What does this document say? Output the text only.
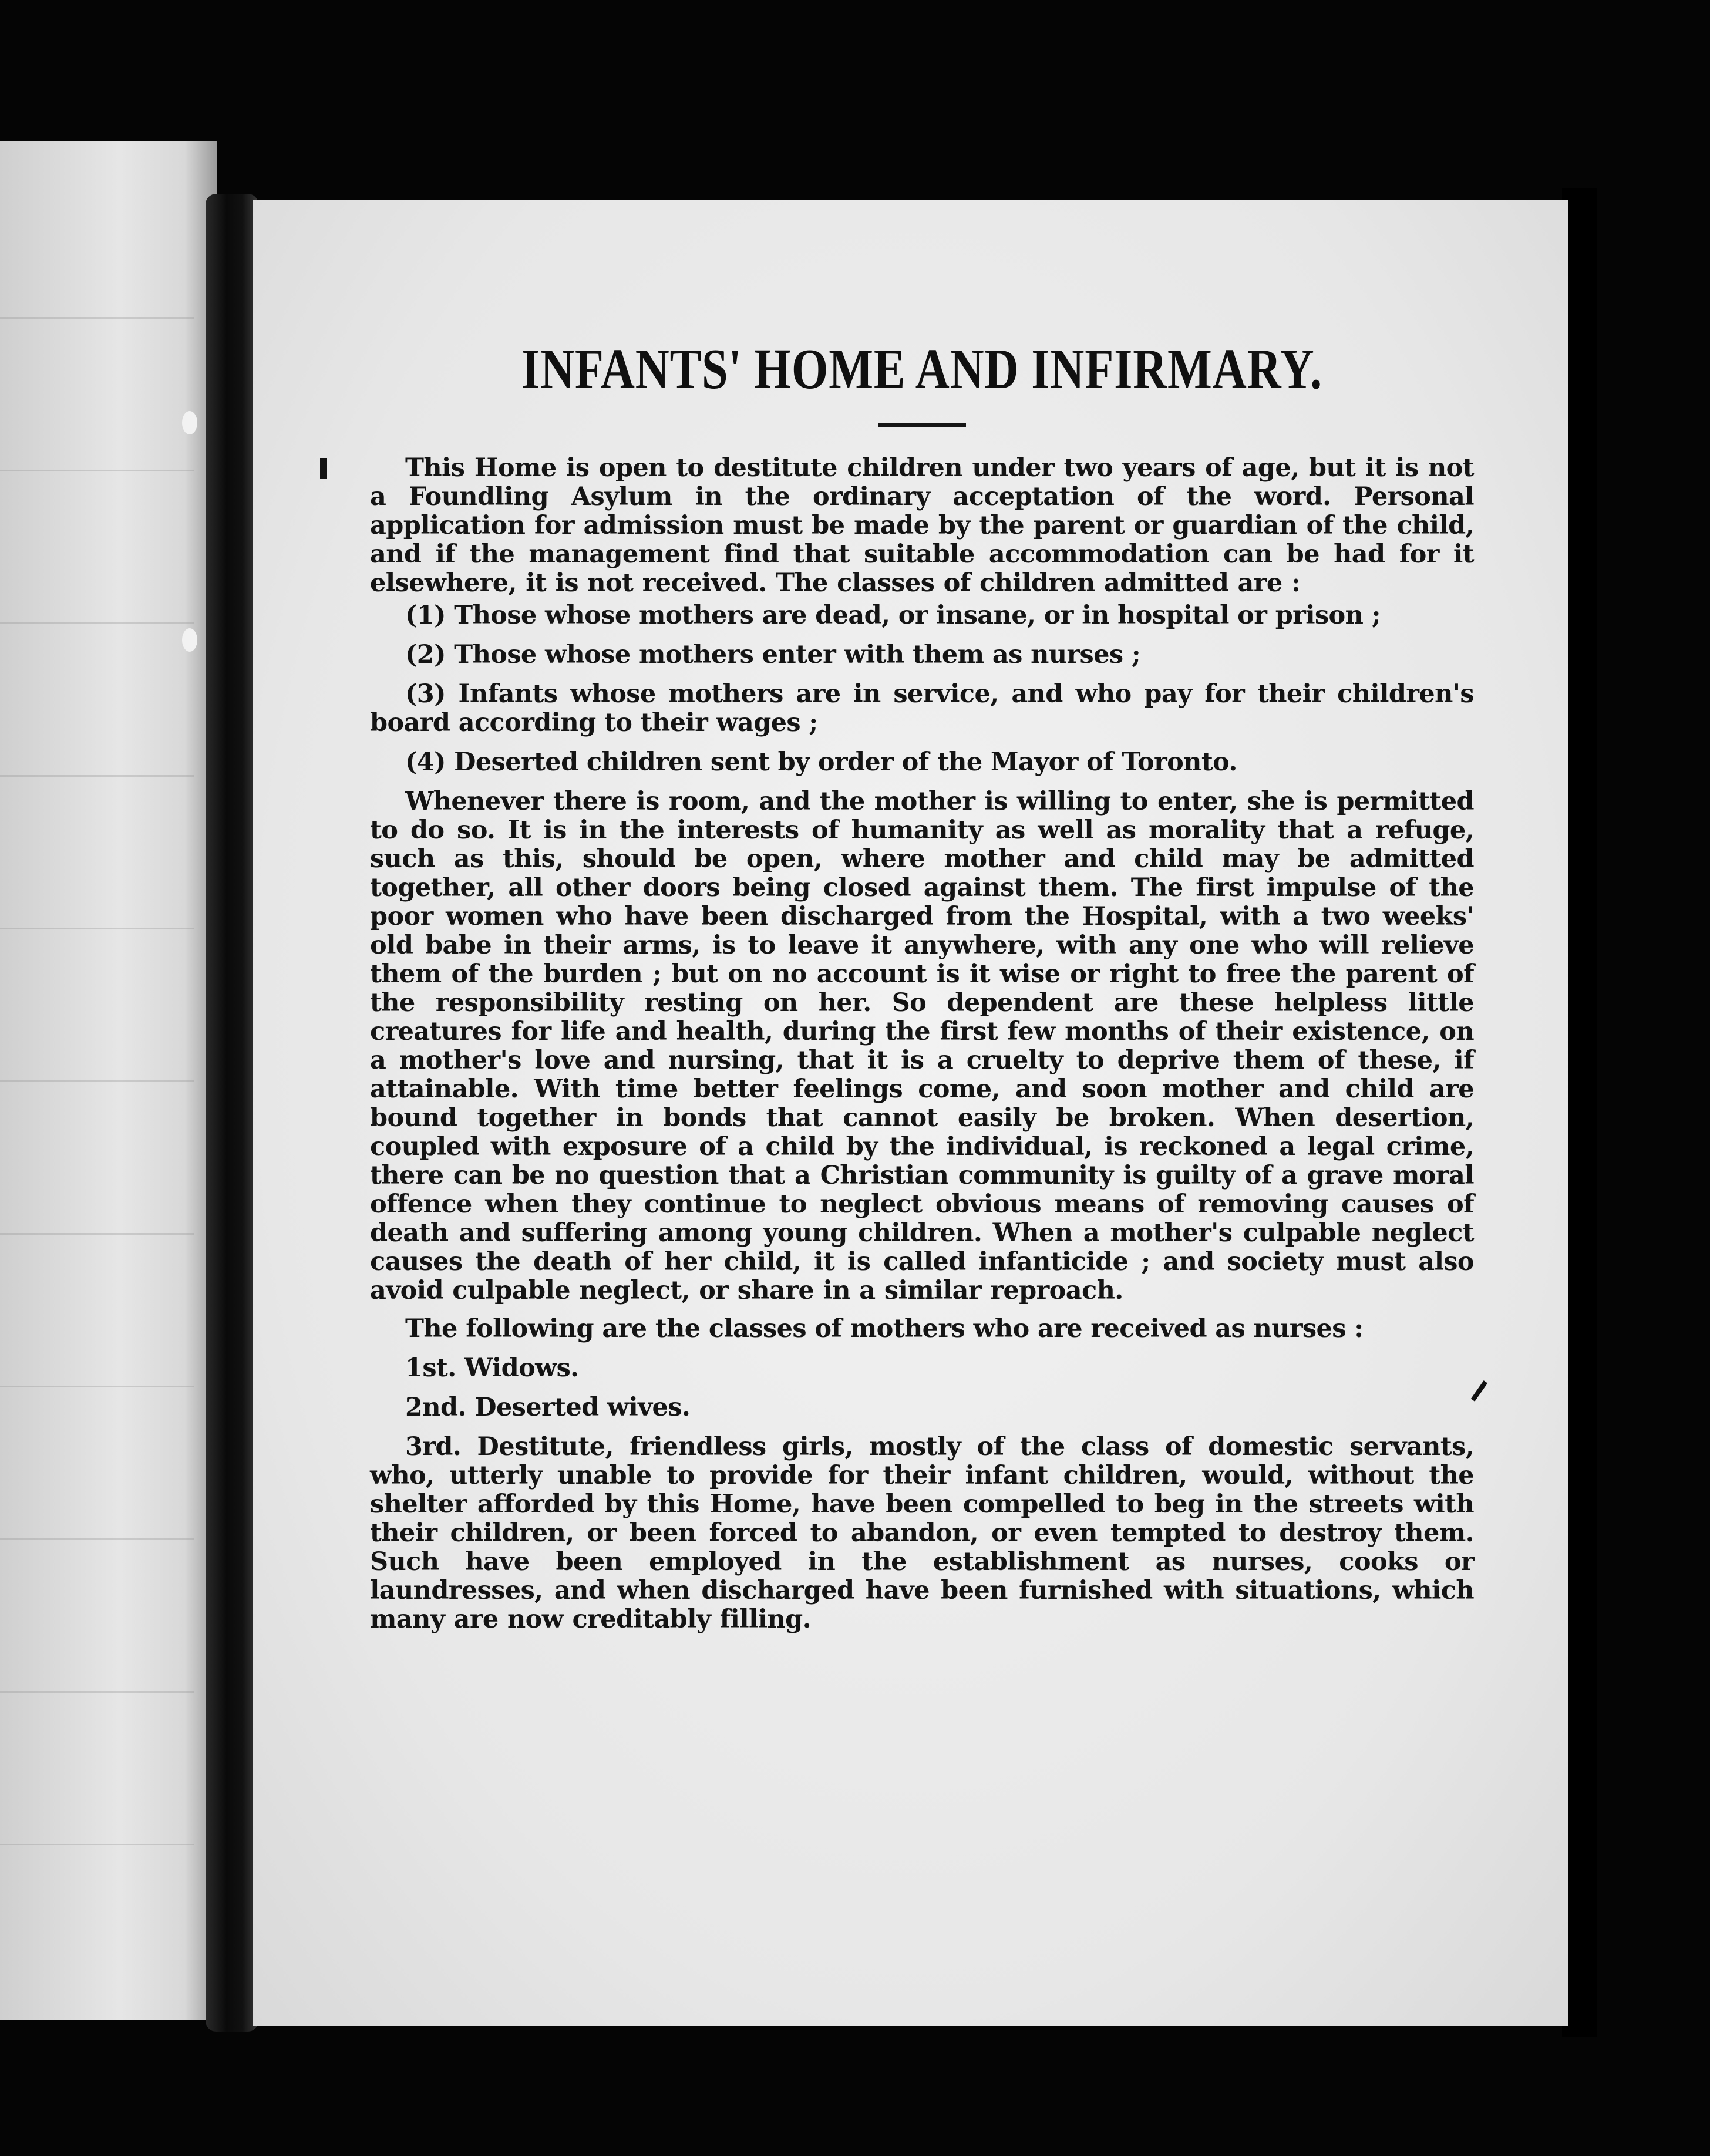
INFANTS' HOME AND INFIRMARY.

This Home is open to destitute children under two years of age, but it is not a Foundling Asylum in the ordinary acceptation of the word. Personal application for admission must be made by the parent or guardian of the child, and if the management find that suitable accommodation can be had for it elsewhere, it is not received. The classes of children admitted are :

(1) Those whose mothers are dead, or insane, or in hospital or prison ;

(2) Those whose mothers enter with them as nurses ;

(3) Infants whose mothers are in service, and who pay for their children's board according to their wages ;

(4) Deserted children sent by order of the Mayor of Toronto.

Whenever there is room, and the mother is willing to enter, she is permitted to do so. It is in the interests of humanity as well as morality that a refuge, such as this, should be open, where mother and child may be admitted together, all other doors being closed against them. The first impulse of the poor women who have been discharged from the Hospital, with a two weeks' old babe in their arms, is to leave it anywhere, with any one who will relieve them of the burden ; but on no account is it wise or right to free the parent of the responsibility resting on her. So dependent are these helpless little creatures for life and health, during the first few months of their existence, on a mother's love and nursing, that it is a cruelty to deprive them of these, if attainable. With time better feelings come, and soon mother and child are bound together in bonds that cannot easily be broken. When desertion, coupled with exposure of a child by the individual, is reckoned a legal crime, there can be no question that a Christian community is guilty of a grave moral offence when they continue to neglect obvious means of removing causes of death and suffering among young children. When a mother's culpable neglect causes the death of her child, it is called infanticide ; and society must also avoid culpable neglect, or share in a similar reproach.

The following are the classes of mothers who are received as nurses :

1st. Widows.

2nd. Deserted wives.

3rd. Destitute, friendless girls, mostly of the class of domestic servants, who, utterly unable to provide for their infant children, would, without the shelter afforded by this Home, have been compelled to beg in the streets with their children, or been forced to abandon, or even tempted to destroy them. Such have been employed in the establishment as nurses, cooks or laundresses, and when discharged have been furnished with situations, which many are now creditably filling.
